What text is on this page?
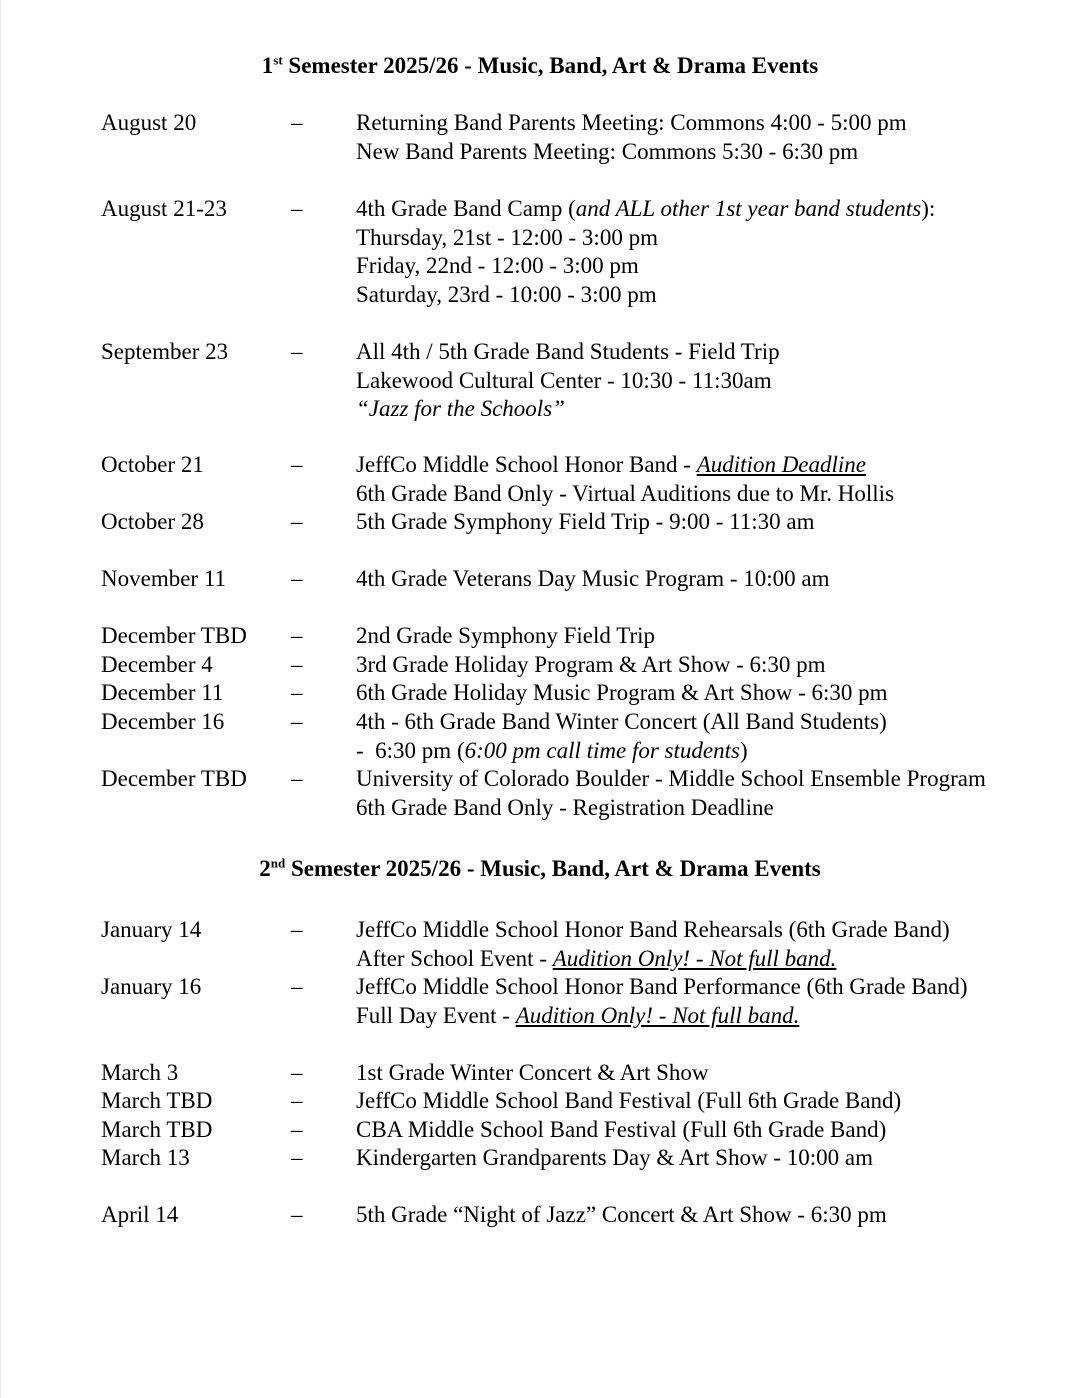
1st Semester 2025/26 - Music, Band, Art & Drama Events
August 20	– Returning Band Parents Meeting: Commons 4:00 - 5:00 pm
New Band Parents Meeting: Commons 5:30 - 6:30 pm
August 21-23	– 4th Grade Band Camp (and ALL other 1st year band students):
Thursday, 21st - 12:00 - 3:00 pm
Friday, 22nd - 12:00 - 3:00 pm
Saturday, 23rd - 10:00 - 3:00 pm
September 23	– All 4th / 5th Grade Band Students - Field Trip
Lakewood Cultural Center - 10:30 - 11:30am
“Jazz for the Schools”
October 21	– JeffCo Middle School Honor Band - Audition Deadline
6th Grade Band Only - Virtual Auditions due to Mr. Hollis
October 28	– 5th Grade Symphony Field Trip - 9:00 - 11:30 am
November 11	– 4th Grade Veterans Day Music Program - 10:00 am
December TBD – 2nd Grade Symphony Field Trip
December 4	– 3rd Grade Holiday Program & Art Show - 6:30 pm
December 11	– 6th Grade Holiday Music Program & Art Show - 6:30 pm
December 16	– 4th - 6th Grade Band Winter Concert (All Band Students)
-  6:30 pm (6:00 pm call time for students)
December TBD – University of Colorado Boulder - Middle School Ensemble Program
6th Grade Band Only - Registration Deadline
2nd Semester 2025/26 - Music, Band, Art & Drama Events
January 14	– JeffCo Middle School Honor Band Rehearsals (6th Grade Band)
After School Event - Audition Only! - Not full band.
January 16	– JeffCo Middle School Honor Band Performance (6th Grade Band)
Full Day Event - Audition Only! - Not full band.
March 3	– 1st Grade Winter Concert & Art Show
March TBD	– JeffCo Middle School Band Festival (Full 6th Grade Band)
March TBD	– CBA Middle School Band Festival (Full 6th Grade Band)
March 13	– Kindergarten Grandparents Day & Art Show - 10:00 am
April 14	– 5th Grade “Night of Jazz” Concert & Art Show - 6:30 pm
